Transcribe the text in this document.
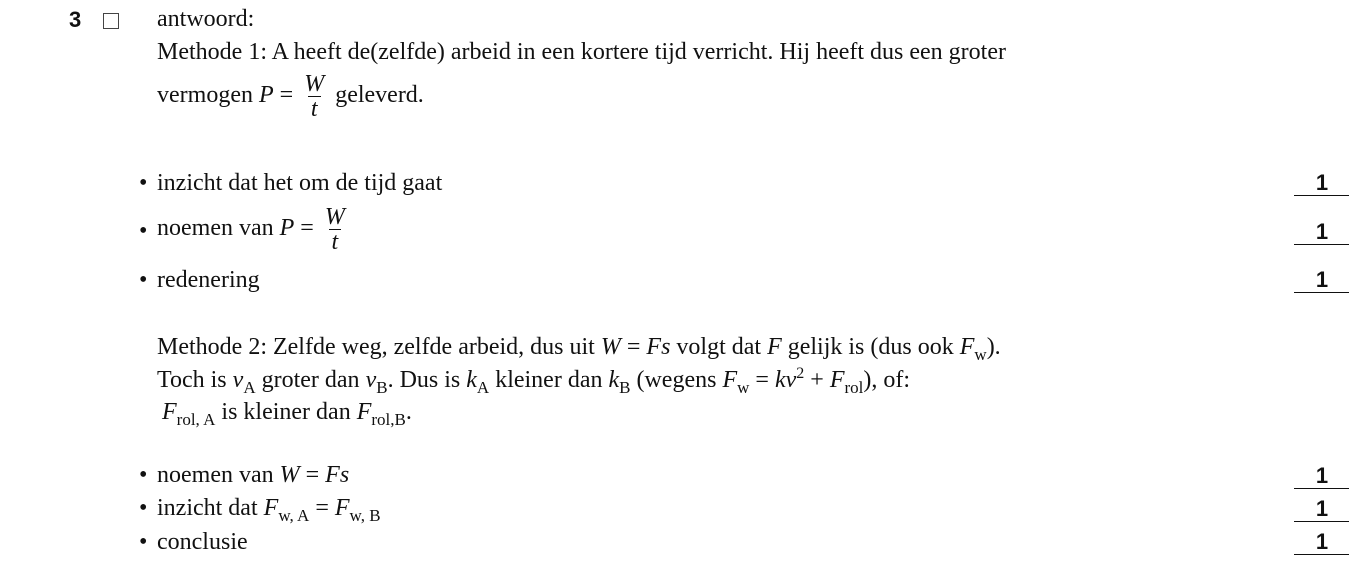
3	antwoord:
Methode 1: A heeft de(zelfde) arbeid in een kortere tijd verricht. Hij heeft dus een groter
vermogen $P = \frac{W}{t}$ geleverd.
• inzicht dat het om de tijd gaat	1
• noemen van $P = \frac{W}{t}$	1
• redenering	1
Methode 2: Zelfde weg, zelfde arbeid, dus uit W = Fs volgt dat F gelijk is (dus ook $F_w$).
Toch is $v_A$ groter dan $v_B$. Dus is $k_A$ kleiner dan $k_B$ (wegens $F_w = kv^2 + F_{rol}$), of:
$F_{rol, A}$ is kleiner dan $F_{rol,B}$.
• noemen van W = Fs	1
• inzicht dat $F_{w, A} = F_{w, B}$	1
• conclusie	1
